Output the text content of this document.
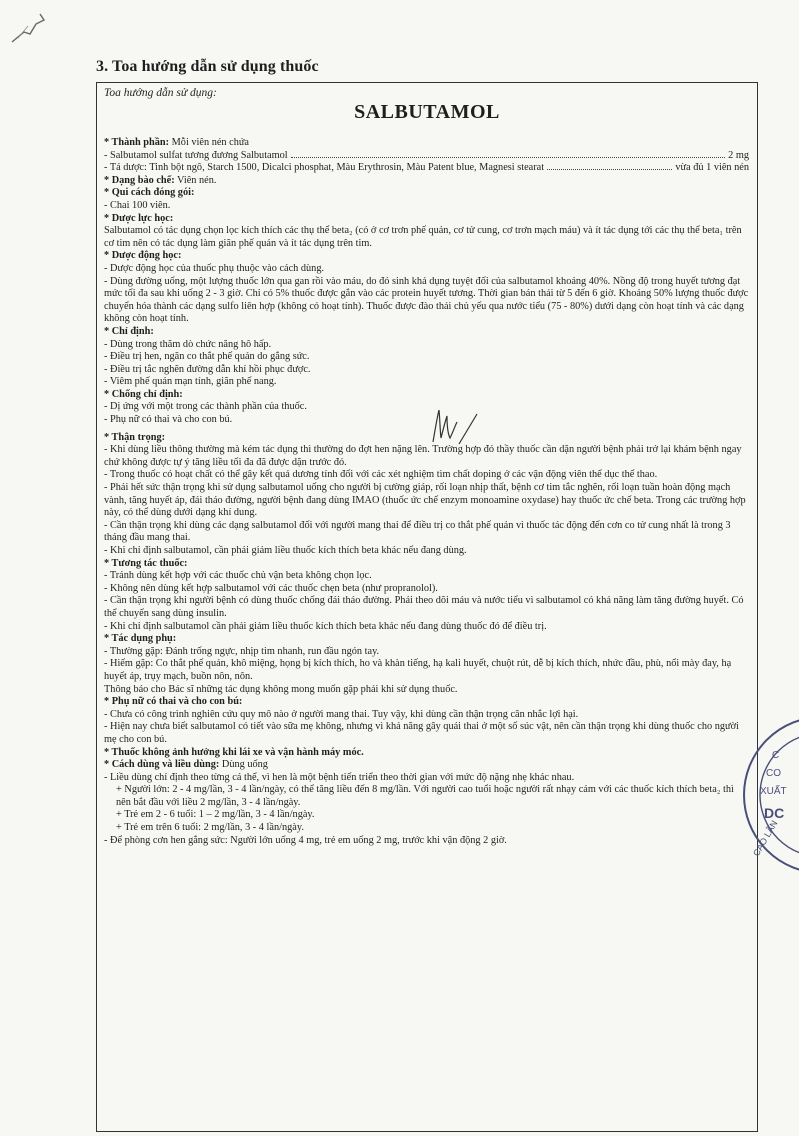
3. Toa hướng dẫn sử dụng thuốc
Toa hướng dẫn sử dụng:
SALBUTAMOL

* Thành phần: Mỗi viên nén chứa

- Salbutamol sulfat tương đương Salbutamol	2 mg

- Tá dược: Tinh bột ngô, Starch 1500, Dicalci phosphat, Màu Erythrosin, Màu Patent blue, Magnesi stearat	vừa đủ 1 viên nén

* Dạng bào chế: Viên nén.

* Qui cách đóng gói:

- Chai 100 viên.

* Dược lực học:

Salbutamol có tác dụng chọn lọc kích thích các thụ thể beta₂ (có ở cơ trơn phế quản, cơ tử cung, cơ trơn mạch máu) và ít tác dụng tới các thụ thể beta₁ trên cơ tim nên có tác dụng làm giãn phế quản và ít tác dụng trên tim.

* Dược động học:

- Dược động học của thuốc phụ thuộc vào cách dùng.

- Dùng đường uống, một lượng thuốc lớn qua gan rồi vào máu, do đó sinh khả dụng tuyệt đối của salbutamol khoảng 40%. Nồng độ trong huyết tương đạt mức tối đa sau khi uống 2 - 3 giờ. Chỉ có 5% thuốc được gắn vào các protein huyết tương. Thời gian bán thải từ 5 đến 6 giờ. Khoảng 50% lượng thuốc được chuyển hóa thành các dạng sulfo liên hợp (không có hoạt tính). Thuốc được đào thải chủ yếu qua nước tiểu (75 - 80%) dưới dạng còn hoạt tính và các dạng không còn hoạt tính.

* Chỉ định:

- Dùng trong thăm dò chức năng hô hấp.

- Điều trị hen, ngăn co thắt phế quản do gắng sức.

- Điều trị tắc nghẽn đường dẫn khí hồi phục được.

- Viêm phế quản mạn tính, giãn phế nang.

* Chống chỉ định:

- Dị ứng với một trong các thành phần của thuốc.

- Phụ nữ có thai và cho con bú.

* Thận trọng:

- Khi dùng liều thông thường mà kém tác dụng thì thường do đợt hen nặng lên. Trường hợp đó thầy thuốc cần dặn người bệnh phải trở lại khám bệnh ngay chứ không được tự ý tăng liều tối đa đã được dặn trước đó.

- Trong thuốc có hoạt chất có thể gây kết quả dương tính đối với các xét nghiệm tìm chất doping ở các vận động viên thể dục thể thao.

- Phải hết sức thận trọng khi sử dụng salbutamol uống cho người bị cường giáp, rối loạn nhịp thất, bệnh cơ tim tắc nghẽn, rối loạn tuần hoàn động mạch vành, tăng huyết áp, đái tháo đường, người bệnh đang dùng IMAO (thuốc ức chế enzym monoamine oxydase) hay thuốc ức chế beta. Trong các trường hợp này, có thể dùng dưới dạng khí dung.

- Cần thận trọng khi dùng các dạng salbutamol đối với người mang thai để điều trị co thắt phế quản vì thuốc tác động đến cơn co tử cung nhất là trong 3 tháng đầu mang thai.

- Khi chỉ định salbutamol, cần phải giảm liều thuốc kích thích beta khác nếu đang dùng.

* Tương tác thuốc:

- Tránh dùng kết hợp với các thuốc chủ vận beta không chọn lọc.

- Không nên dùng kết hợp salbutamol với các thuốc chẹn beta (như propranolol).

- Cần thận trọng khi người bệnh có dùng thuốc chống đái tháo đường. Phải theo dõi máu và nước tiểu vì salbutamol có khả năng làm tăng đường huyết. Có thể chuyển sang dùng insulin.

- Khi chỉ định salbutamol cần phải giảm liều thuốc kích thích beta khác nếu đang dùng thuốc đó để điều trị.

* Tác dụng phụ:

- Thường gặp: Đánh trống ngực, nhịp tim nhanh, run đầu ngón tay.

- Hiếm gặp: Co thắt phế quản, khô miệng, họng bị kích thích, ho và khàn tiếng, hạ kali huyết, chuột rút, dễ bị kích thích, nhức đầu, phù, nổi mày đay, hạ huyết áp, trụy mạch, buồn nôn, nôn.

Thông báo cho Bác sĩ những tác dụng không mong muốn gặp phải khi sử dụng thuốc.

* Phụ nữ có thai và cho con bú:

- Chưa có công trình nghiên cứu quy mô nào ở người mang thai. Tuy vậy, khi dùng cần thận trọng cân nhắc lợi hại.

- Hiện nay chưa biết salbutamol có tiết vào sữa mẹ không, nhưng vì khả năng gây quái thai ở một số súc vật, nên cần thận trọng khi dùng thuốc cho người mẹ cho con bú.

* Thuốc không ảnh hưởng khi lái xe và vận hành máy móc.

* Cách dùng và liều dùng: Dùng uống

- Liều dùng chỉ định theo từng cá thể, vì hen là một bệnh tiến triển theo thời gian với mức độ nặng nhẹ khác nhau.

+ Người lớn: 2 - 4 mg/lần, 3 - 4 lần/ngày, có thể tăng liều đến 8 mg/lần. Với người cao tuổi hoặc người rất nhạy cảm với các thuốc kích thích beta₂ thì nên bắt đầu với liều 2 mg/lần, 3 - 4 lần/ngày.

+ Trẻ em 2 - 6 tuổi: 1 – 2 mg/lần, 3 - 4 lần/ngày.

+ Trẻ em trên 6 tuổi: 2 mg/lần, 3 - 4 lần/ngày.

- Để phòng cơn hen gắng sức: Người lớn uống 4 mg, trẻ em uống 2 mg, trước khi vận động 2 giờ.

C
CO
XUẤT
DC
CAO LÃN
